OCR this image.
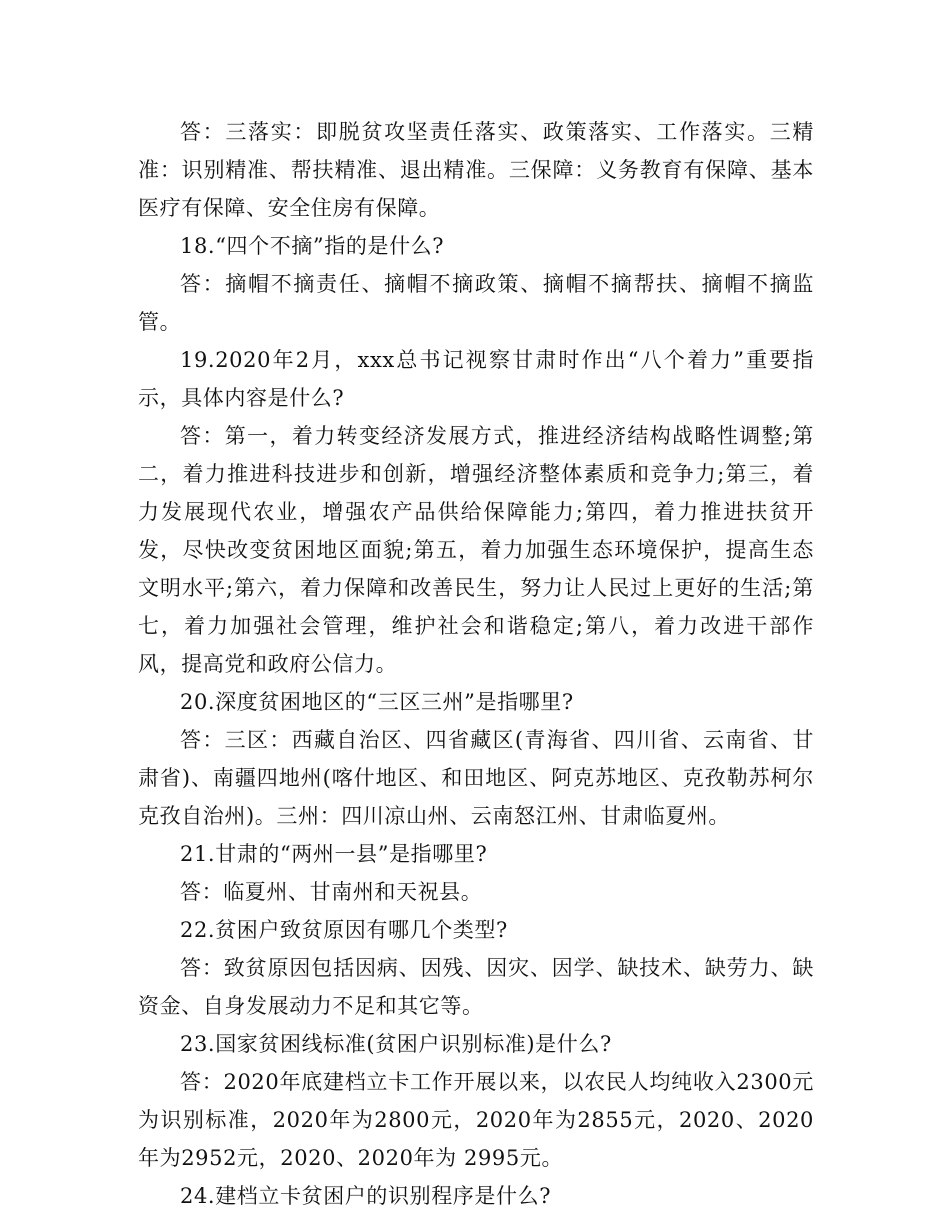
答：三落实：即脱贫攻坚责任落实、政策落实、工作落实。三精准：识别精准、帮扶精准、退出精准。三保障：义务教育有保障、基本医疗有保障、安全住房有保障。

18.“四个不摘”指的是什么?

答：摘帽不摘责任、摘帽不摘政策、摘帽不摘帮扶、摘帽不摘监管。

19.2020年2月，xxx总书记视察甘肃时作出“八个着力”重要指示，具体内容是什么?

答：第一，着力转变经济发展方式，推进经济结构战略性调整;第二，着力推进科技进步和创新，增强经济整体素质和竞争力;第三，着力发展现代农业，增强农产品供给保障能力;第四，着力推进扶贫开发，尽快改变贫困地区面貌;第五，着力加强生态环境保护，提高生态文明水平;第六，着力保障和改善民生，努力让人民过上更好的生活;第七，着力加强社会管理，维护社会和谐稳定;第八，着力改进干部作风，提高党和政府公信力。

20.深度贫困地区的“三区三州”是指哪里?

答：三区：西藏自治区、四省藏区(青海省、四川省、云南省、甘肃省)、南疆四地州(喀什地区、和田地区、阿克苏地区、克孜勒苏柯尔克孜自治州)。三州：四川凉山州、云南怒江州、甘肃临夏州。

21.甘肃的“两州一县”是指哪里?

答：临夏州、甘南州和天祝县。

22.贫困户致贫原因有哪几个类型?

答：致贫原因包括因病、因残、因灾、因学、缺技术、缺劳力、缺资金、自身发展动力不足和其它等。

23.国家贫困线标准(贫困户识别标准)是什么?

答：2020年底建档立卡工作开展以来，以农民人均纯收入2300元为识别标准，2020年为2800元，2020年为2855元，2020、2020年为2952元，2020、2020年为 2995元。

24.建档立卡贫困户的识别程序是什么?
